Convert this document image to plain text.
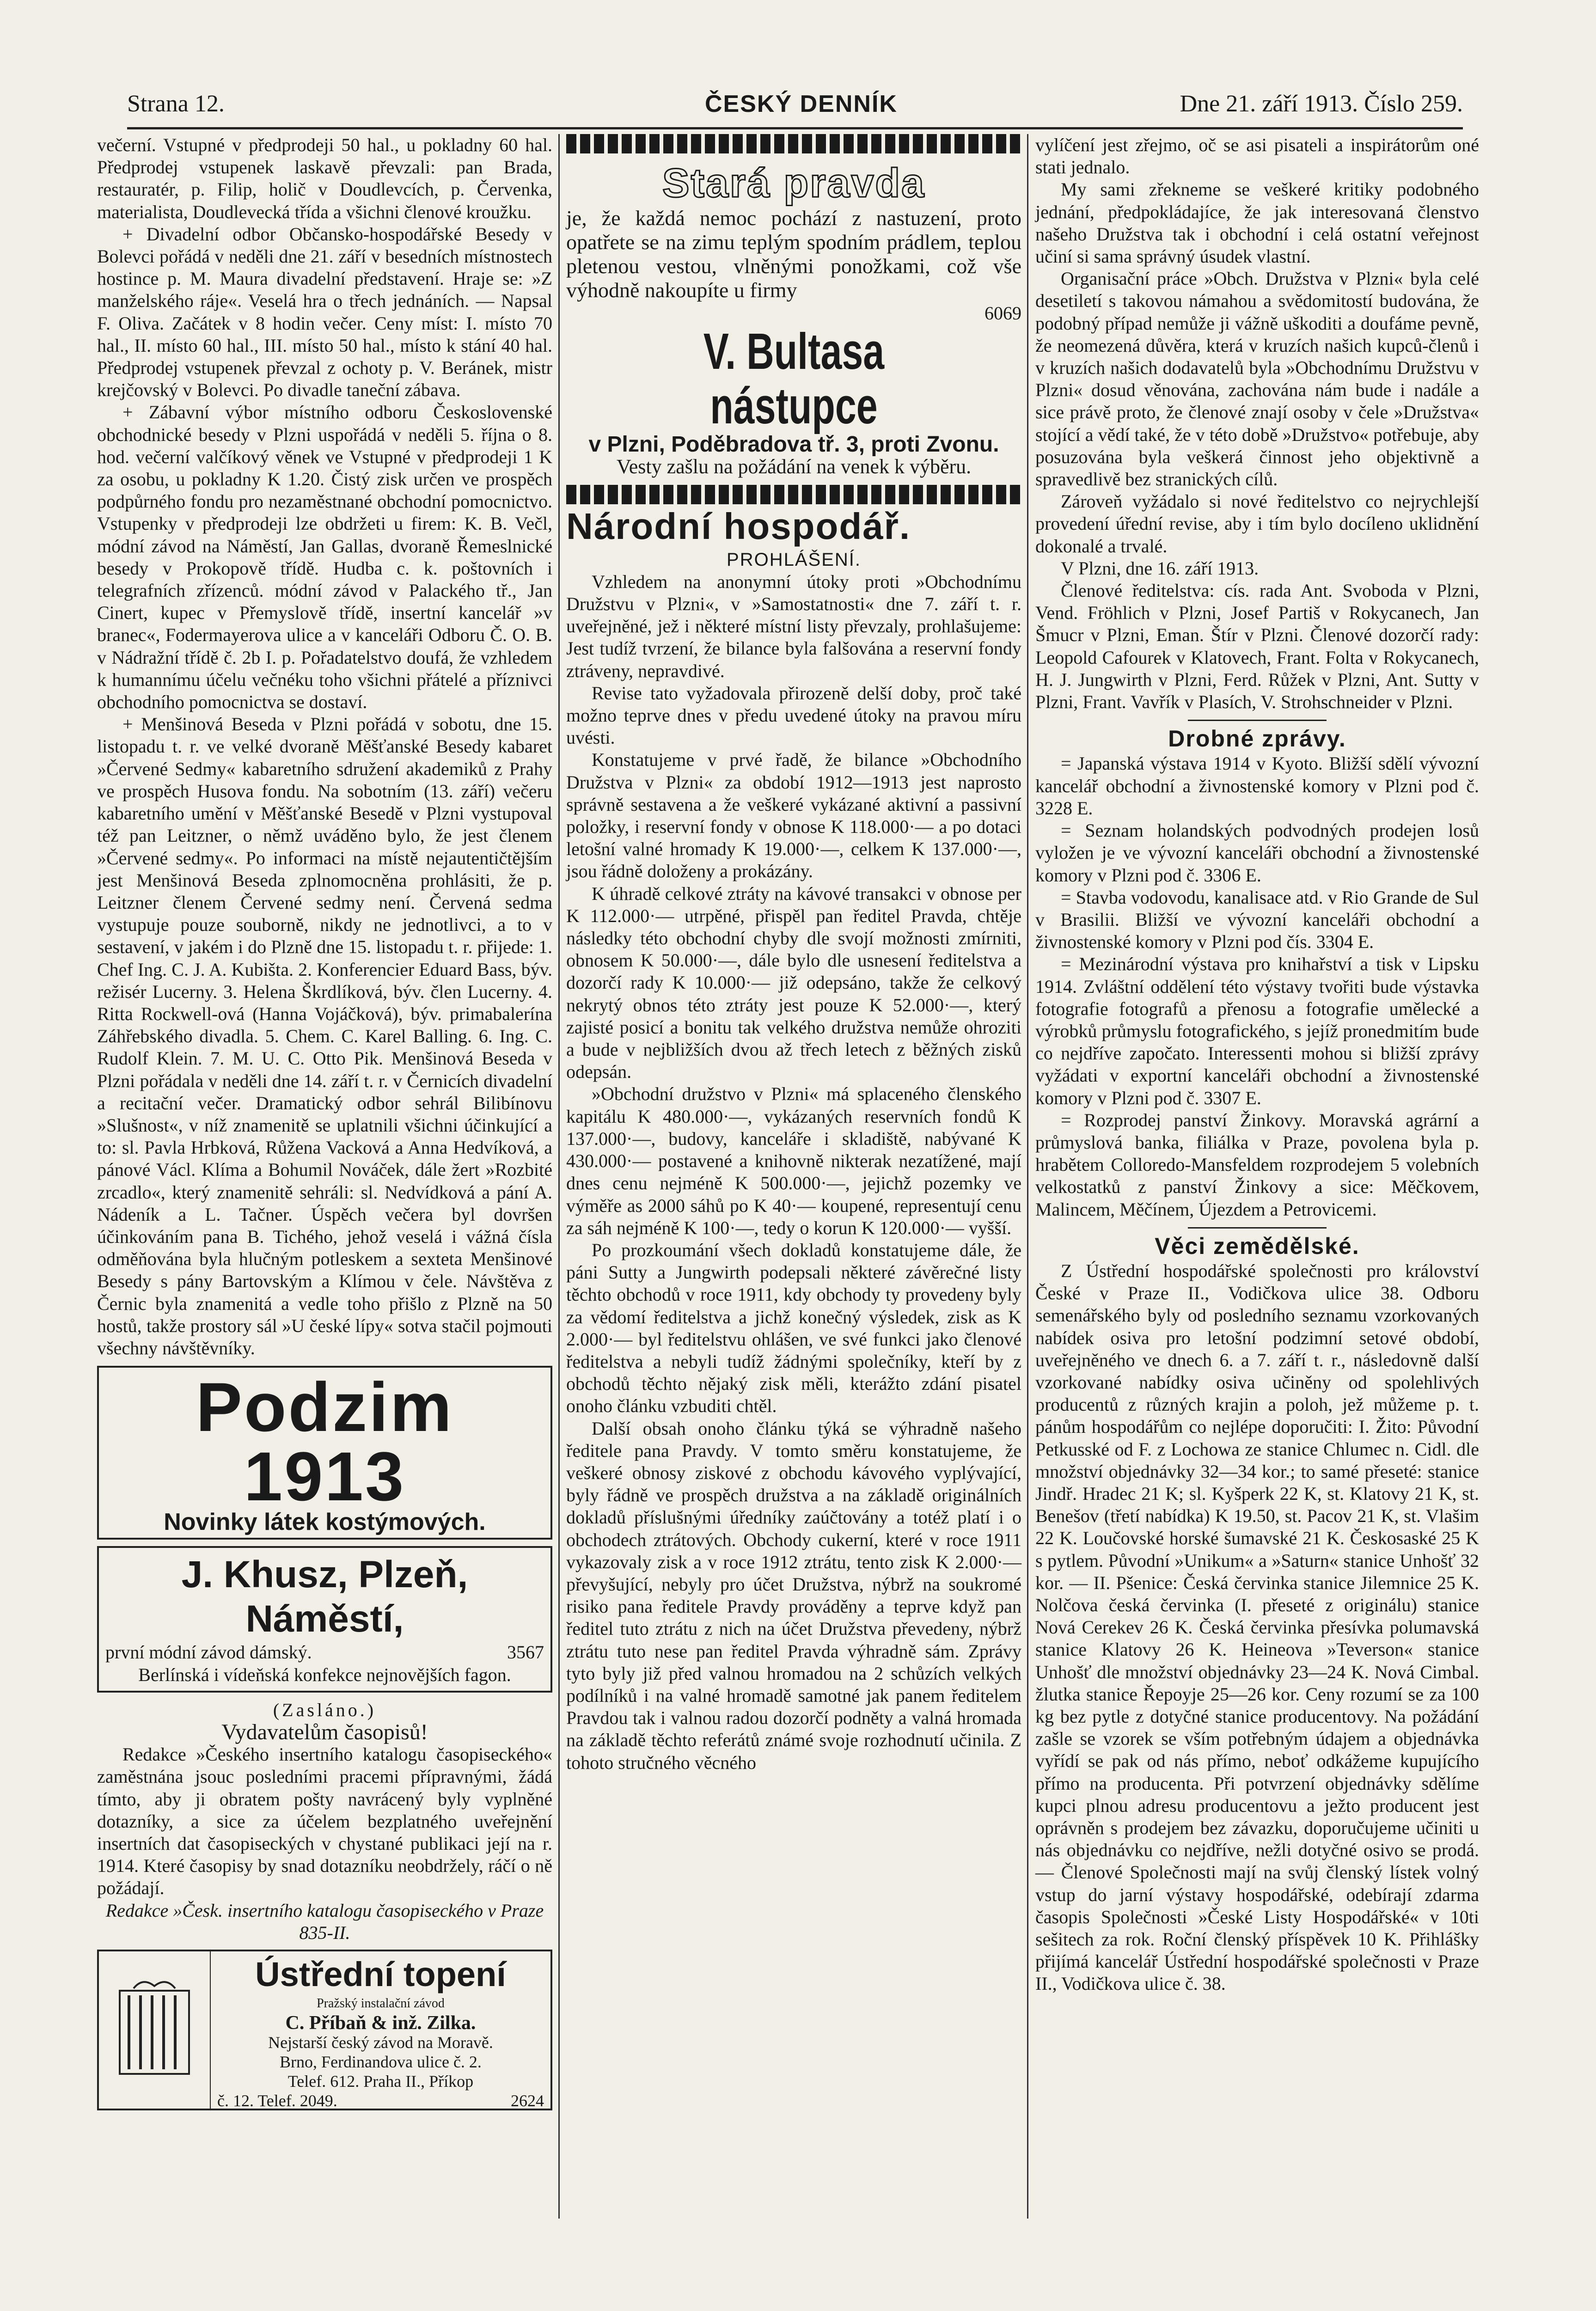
Strana 12.	ČESKÝ DENNÍK	Dne 21. září 1913. Číslo 259.

večerní. Vstupné v předprodeji 50 hal., u pokladny 60 hal. Předprodej vstupenek laskavě převzali: pan Brada, restauratér, p. Filip, holič v Doudlevcích, p. Červenka, materialista, Doudlevecká třída a všichni členové kroužku.

+ Divadelní odbor Občansko-hospodářské Besedy v Bolevci pořádá v neděli dne 21. září v besedních místnostech hostince p. M. Maura divadelní představení. Hraje se: »Z manželského ráje«. Veselá hra o třech jednáních. — Napsal F. Oliva. Začátek v 8 hodin večer. Ceny míst: I. místo 70 hal., II. místo 60 hal., III. místo 50 hal., místo k stání 40 hal. Předprodej vstupenek převzal z ochoty p. V. Beránek, mistr krejčovský v Bolevci. Po divadle taneční zábava.

+ Zábavní výbor místního odboru Československé obchodnické besedy v Plzni uspořádá v neděli 5. října o 8. hod. večerní valčíkový věnek ve Vstupné v předprodeji 1 K za osobu, u pokladny K 1.20. Čistý zisk určen ve prospěch podpůrného fondu pro nezaměstnané obchodní pomocnictvo. Vstupenky v předprodeji lze obdržeti u firem: K. B. Večl, módní závod na Náměstí, Jan Gallas, dvoraně Řemeslnické besedy v Prokopově třídě. Hudba c. k. poštovních i telegrafních zřízenců. módní závod v Palackého tř., Jan Cinert, kupec v Přemyslově třídě, insertní kancelář »v branec«, Fodermayerova ulice a v kanceláři Odboru Č. O. B. v Nádražní třídě č. 2b I. p. Pořadatelstvo doufá, že vzhledem k humannímu účelu večnéku toho všichni přátelé a příznivci obchodního pomocnictva se dostaví.

+ Menšinová Beseda v Plzni pořádá v sobotu, dne 15. listopadu t. r. ve velké dvoraně Měšťanské Besedy kabaret »Červené Sedmy« kabaretního sdružení akademiků z Prahy ve prospěch Husova fondu. Na sobotním (13. září) večeru kabaretního umění v Měšťanské Besedě v Plzni vystupoval též pan Leitzner, o němž uváděno bylo, že jest členem »Červené sedmy«. Po informaci na místě nejautentičtějším jest Menšinová Beseda zplnomocněna prohlásiti, že p. Leitzner členem Červené sedmy není. Červená sedma vystupuje pouze souborně, nikdy ne jednotlivci, a to v sestavení, v jakém i do Plzně dne 15. listopadu t. r. přijede: 1. Chef Ing. C. J. A. Kubišta. 2. Konferencier Eduard Bass, býv. režisér Lucerny. 3. Helena Škrdlíková, býv. člen Lucerny. 4. Ritta Rockwell-ová (Hanna Vojáčková), býv. primabalerína Záhřebského divadla. 5. Chem. C. Karel Balling. 6. Ing. C. Rudolf Klein. 7. M. U. C. Otto Pik. Menšinová Beseda v Plzni pořádala v neděli dne 14. září t. r. v Černicích divadelní a recitační večer. Dramatický odbor sehrál Bilibínovu »Slušnost«, v níž znamenitě se uplatnili všichni účinkující a to: sl. Pavla Hrbková, Růžena Vacková a Anna Hedvíková, a pánové Václ. Klíma a Bohumil Nováček, dále žert »Rozbité zrcadlo«, který znamenitě sehráli: sl. Nedvídková a pání A. Nádeník a L. Tačner. Úspěch večera byl dovršen účinkováním pana B. Tichého, jehož veselá i vážná čísla odměňována byla hlučným potleskem a sexteta Menšinové Besedy s pány Bartovským a Klímou v čele. Návštěva z Černic byla znamenitá a vedle toho přišlo z Plzně na 50 hostů, takže prostory sál »U české lípy« sotva stačil pojmouti všechny návštěvníky.

Podzim 1913
Novinky látek kostýmových.
J. Khusz, Plzeň, Náměstí,
první módní závod dámský.	3567
Berlínská i vídeňská konfekce nejnovějších fagon.
(Zasláno.)
Vydavatelům časopisů!

Redakce »Českého insertního katalogu časopiseckého« zaměstnána jsouc posledními pracemi přípravnými, žádá tímto, aby ji obratem pošty navrácený byly vyplněné dotazníky, a sice za účelem bezplatného uveřejnění insertních dat časopiseckých v chystané publikaci její na r. 1914. Které časopisy by snad dotazníku neobdržely, ráčí o ně požádají.

Redakce »Česk. insertního katalogu časopiseckého v Praze 835-II.

Ústřední topení
Pražský instalační závod
C. Příbaň & inž. Zilka.
Nejstarší český závod na Moravě.
Brno, Ferdinandova ulice č. 2.
Telef. 612. Praha II., Příkop
č. 12. Telef. 2049.	2624
Stará pravda

je, že každá nemoc pochází z nastuzení, proto opatřete se na zimu teplým spodním prádlem, teplou pletenou vestou, vlněnými ponožkami, což vše výhodně nakoupíte u firmy

6069
V. Bultasa nástupce
v Plzni, Poděbradova tř. 3, proti Zvonu.
Vesty zašlu na požádání na venek k výběru.
Národní hospodář.
PROHLÁŠENÍ.

Vzhledem na anonymní útoky proti »Obchodnímu Družstvu v Plzni«, v »Samostatnosti« dne 7. září t. r. uveřejněné, jež i některé místní listy převzaly, prohlašujeme: Jest tudíž tvrzení, že bilance byla falšována a reservní fondy ztráveny, nepravdivé.

Revise tato vyžadovala přirozeně delší doby, proč také možno teprve dnes v předu uvedené útoky na pravou míru uvésti.

Konstatujeme v prvé řadě, že bilance »Obchodního Družstva v Plzni« za období 1912—1913 jest naprosto správně sestavena a že veškeré vykázané aktivní a passivní položky, i reservní fondy v obnose K 118.000·— a po dotaci letošní valné hromady K 19.000·—, celkem K 137.000·—, jsou řádně doloženy a prokázány.

K úhradě celkové ztráty na kávové transakci v obnose per K 112.000·— utrpěné, přispěl pan ředitel Pravda, chtěje následky této obchodní chyby dle svojí možnosti zmírniti, obnosem K 50.000·—, dále bylo dle usnesení ředitelstva a dozorčí rady K 10.000·— již odepsáno, takže že celkový nekrytý obnos této ztráty jest pouze K 52.000·—, který zajisté posicí a bonitu tak velkého družstva nemůže ohroziti a bude v nejbližších dvou až třech letech z běžných zisků odepsán.

»Obchodní družstvo v Plzni« má splaceného členského kapitálu K 480.000·—, vykázaných reservních fondů K 137.000·—, budovy, kanceláře i skladiště, nabývané K 430.000·— postavené a knihovně nikterak nezatížené, mají dnes cenu nejméně K 500.000·—, jejichž pozemky ve výměře as 2000 sáhů po K 40·— koupené, representují cenu za sáh nejméně K 100·—, tedy o korun K 120.000·— vyšší.

Po prozkoumání všech dokladů konstatujeme dále, že páni Sutty a Jungwirth podepsali některé závěrečné listy těchto obchodů v roce 1911, kdy obchody ty provedeny byly za vědomí ředitelstva a jichž konečný výsledek, zisk as K 2.000·— byl ředitelstvu ohlášen, ve své funkci jako členové ředitelstva a nebyli tudíž žádnými společníky, kteří by z obchodů těchto nějaký zisk měli, kterážto zdání pisatel onoho článku vzbuditi chtěl.

Další obsah onoho článku týká se výhradně našeho ředitele pana Pravdy. V tomto směru konstatujeme, že veškeré obnosy ziskové z obchodu kávového vyplývající, byly řádně ve prospěch družstva a na základě originálních dokladů příslušnými úředníky zaúčtovány a totéž platí i o obchodech ztrátových. Obchody cukerní, které v roce 1911 vykazovaly zisk a v roce 1912 ztrátu, tento zisk K 2.000·— převyšující, nebyly pro účet Družstva, nýbrž na soukromé risiko pana ředitele Pravdy prováděny a teprve když pan ředitel tuto ztrátu z nich na účet Družstva převedeny, nýbrž ztrátu tuto nese pan ředitel Pravda výhradně sám. Zprávy tyto byly již před valnou hromadou na 2 schůzích velkých podílníků i na valné hromadě samotné jak panem ředitelem Pravdou tak i valnou radou dozorčí podněty a valná hromada na základě těchto referátů známé svoje rozhodnutí učinila. Z tohoto stručného věcného

vylíčení jest zřejmo, oč se asi pisateli a inspirátorům oné stati jednalo.

My sami zřekneme se veškeré kritiky podobného jednání, předpokládajíce, že jak interesovaná členstvo našeho Družstva tak i obchodní i celá ostatní veřejnost učiní si sama správný úsudek vlastní.

Organisační práce »Obch. Družstva v Plzni« byla celé desetiletí s takovou námahou a svědomitostí budována, že podobný případ nemůže ji vážně uškoditi a doufáme pevně, že neomezená důvěra, která v kruzích našich kupců-členů i v kruzích našich dodavatelů byla »Obchodnímu Družstvu v Plzni« dosud věnována, zachována nám bude i nadále a sice právě proto, že členové znají osoby v čele »Družstva« stojící a vědí také, že v této době »Družstvo« potřebuje, aby posuzována byla veškerá činnost jeho objektivně a spravedlivě bez stranických cílů.

Zároveň vyžádalo si nové ředitelstvo co nejrychlejší provedení úřední revise, aby i tím bylo docíleno uklidnění dokonalé a trvalé.

V Plzni, dne 16. září 1913.

Členové ředitelstva: cís. rada Ant. Svoboda v Plzni, Vend. Fröhlich v Plzni, Josef Partiš v Rokycanech, Jan Šmucr v Plzni, Eman. Štír v Plzni. Členové dozorčí rady: Leopold Cafourek v Klatovech, Frant. Folta v Rokycanech, H. J. Jungwirth v Plzni, Ferd. Růžek v Plzni, Ant. Sutty v Plzni, Frant. Vavřík v Plasích, V. Strohschneider v Plzni.

Drobné zprávy.

= Japanská výstava 1914 v Kyoto. Bližší sdělí vývozní kancelář obchodní a živnostenské komory v Plzni pod č. 3228 E.

= Seznam holandských podvodných prodejen losů vyložen je ve vývozní kanceláři obchodní a živnostenské komory v Plzni pod č. 3306 E.

= Stavba vodovodu, kanalisace atd. v Rio Grande de Sul v Brasilii. Bližší ve vývozní kanceláři obchodní a živnostenské komory v Plzni pod čís. 3304 E.

= Mezinárodní výstava pro knihařství a tisk v Lipsku 1914. Zvláštní oddělení této výstavy tvořiti bude výstavka fotografie fotografů a přenosu a fotografie umělecké a výrobků průmyslu fotografického, s jejíž pronedmitím bude co nejdříve započato. Interessenti mohou si bližší zprávy vyžádati v exportní kanceláři obchodní a živnostenské komory v Plzni pod č. 3307 E.

= Rozprodej panství Žinkovy. Moravská agrární a průmyslová banka, filiálka v Praze, povolena byla p. hrabětem Colloredo-Mansfeldem rozprodejem 5 volebních velkostatků z panství Žinkovy a sice: Měčkovem, Malincem, Měčínem, Újezdem a Petrovicemi.

Věci zemědělské.

Z Ústřední hospodářské společnosti pro království České v Praze II., Vodičkova ulice 38. Odboru semenářského byly od posledního seznamu vzorkovaných nabídek osiva pro letošní podzimní setové období, uveřejněného ve dnech 6. a 7. září t. r., následovně další vzorkované nabídky osiva učiněny od spolehlivých producentů z různých krajin a poloh, jež můžeme p. t. pánům hospodářům co nejlépe doporučiti: I. Žito: Původní Petkusské od F. z Lochowa ze stanice Chlumec n. Cidl. dle množství objednávky 32—34 kor.; to samé přeseté: stanice Jindř. Hradec 21 K; sl. Kyšperk 22 K, st. Klatovy 21 K, st. Benešov (třetí nabídka) K 19.50, st. Pacov 21 K, st. Vlašim 22 K. Loučovské horské šumavské 21 K. Českosaské 25 K s pytlem. Původní »Unikum« a »Saturn« stanice Unhošť 32 kor. — II. Pšenice: Česká červinka stanice Jilemnice 25 K. Nolčova česká červinka (I. přeseté z originálu) stanice Nová Cerekev 26 K. Česká červinka přesívka polumavská stanice Klatovy 26 K. Heineova »Teverson« stanice Unhošť dle množství objednávky 23—24 K. Nová Cimbal. žlutka stanice Řepoyje 25—26 kor. Ceny rozumí se za 100 kg bez pytle z dotyčné stanice producentovy. Na požádání zašle se vzorek se vším potřebným údajem a objednávka vyřídí se pak od nás přímo, neboť odkážeme kupujícího přímo na producenta. Při potvrzení objednávky sdělíme kupci plnou adresu producentovu a ježto producent jest oprávněn s prodejem bez závazku, doporučujeme učiniti u nás objednávku co nejdříve, nežli dotyčné osivo se prodá. — Členové Společnosti mají na svůj členský lístek volný vstup do jarní výstavy hospodářské, odebírají zdarma časopis Společnosti »České Listy Hospodářské« v 10ti sešitech za rok. Roční členský příspěvek 10 K. Přihlášky přijímá kancelář Ústřední hospodářské společnosti v Praze II., Vodičkova ulice č. 38.
